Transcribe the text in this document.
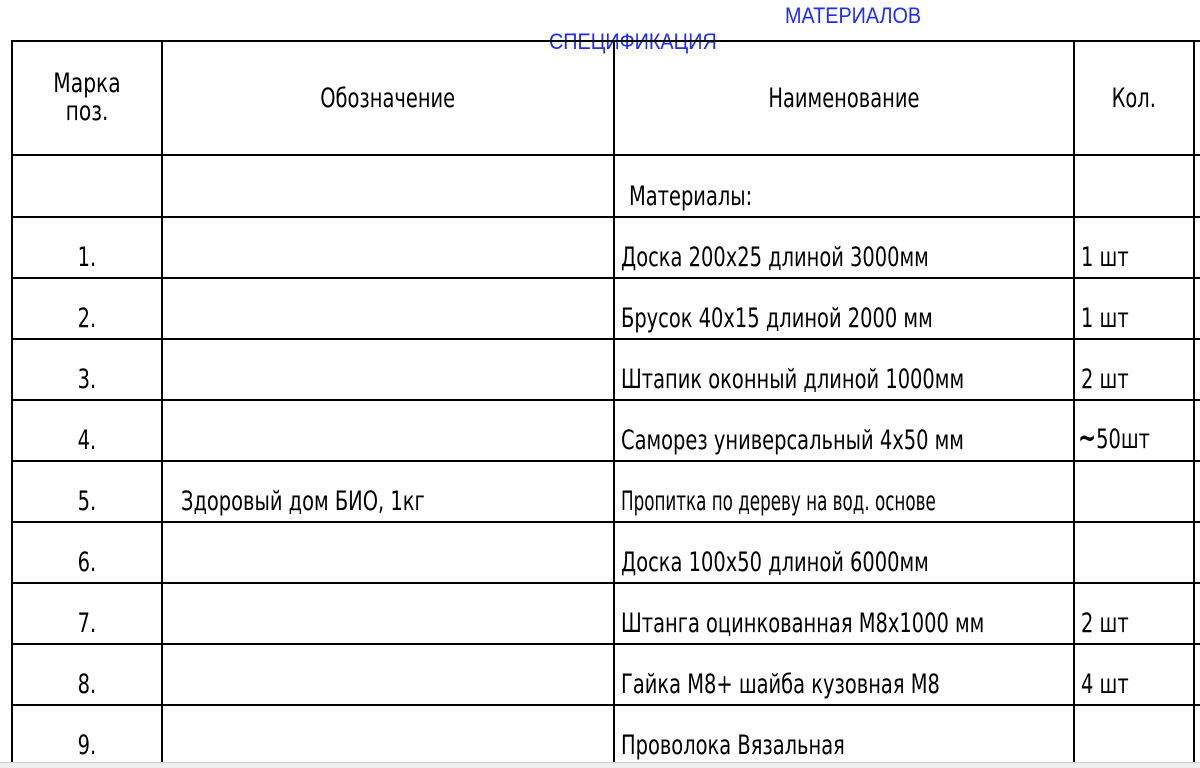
СПЕЦИФИКАЦИЯ

МАТЕРИАЛОВ

Марка поз.	Обозначение	Наименование	Кол.	
		Материалы:		
1.		Доска 200х25 длиной 3000мм	1 шт	
2.		Брусок 40х15 длиной 2000 мм	1 шт	
3.		Штапик оконный длиной 1000мм	2 шт	
4.		Саморез универсальный 4х50 мм	~50шт	
5.	Здоровый дом БИО, 1кг	Пропитка по дереву на вод. основе		
6.		Доска 100х50 длиной 6000мм		
7.		Штанга оцинкованная М8х1000 мм	2 шт	
8.		Гайка М8+ шайба кузовная М8	4 шт	
9.		Проволока Вязальная		
